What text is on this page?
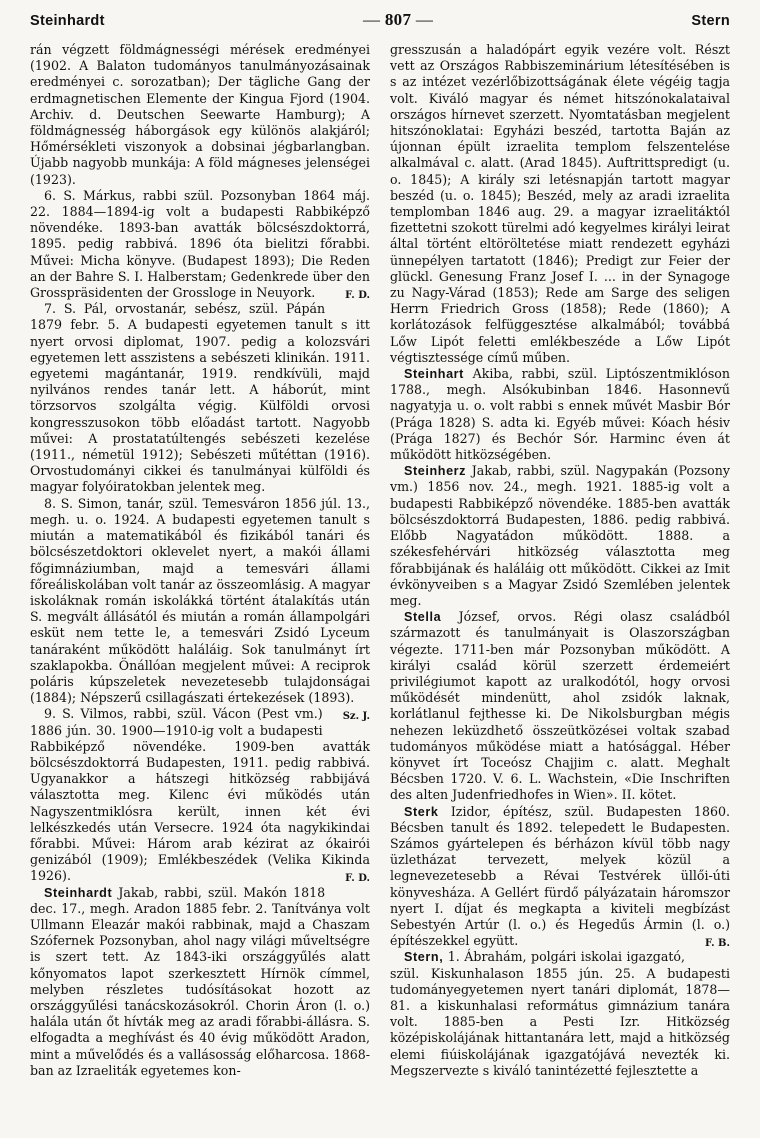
Steinhardt
—	807 —	Stern

rán végzett földmágnességi mérések eredményei (1902. A Balaton tudományos tanulmányozásainak eredményei c. sorozatban); Der tägliche Gang der erdmagnetischen Elemente der Kingua Fjord (1904. Archiv. d. Deutschen Seewarte Hamburg); A földmágnesség háborgások egy különös alakjáról; Hőmérsékleti viszonyok a dobsinai jégbarlangban. Újabb nagyobb munkája: A föld mágneses jelenségei (1923).

6. S. Márkus, rabbi szül. Pozsonyban 1864 máj. 22. 1884—1894-ig volt a budapesti Rabbiképző növendéke. 1893-ban avatták bölcsészdoktorrá, 1895. pedig rabbivá. 1896 óta bielitzi főrabbi. Művei: Micha könyve. (Budapest 1893); Die Reden an der Bahre S. I. Halberstam; Gedenkrede über den Grosspräsidenten der Grossloge in Neuyork.	F. D.

7. S. Pál, orvostanár, sebész, szül. Pápán 1879 febr. 5. A budapesti egyetemen tanult s itt nyert orvosi diplomat, 1907. pedig a kolozsvári egyetemen lett asszistens a sebészeti klinikán. 1911. egyetemi magántanár, 1919. rendkívüli, majd nyilvános rendes tanár lett. A háborút, mint törzsorvos szolgálta végig. Külföldi orvosi kongresszusokon több előadást tartott. Nagyobb művei: A prostatatúltengés sebészeti kezelése (1911., németül 1912); Sebészeti műtéttan (1916). Orvostudományi cikkei és tanulmányai külföldi és magyar folyóiratokban jelentek meg.

8. S. Simon, tanár, szül. Temesváron 1856 júl. 13., megh. u. o. 1924. A budapesti egyetemen tanult s miután a matematikából és fizikából tanári és bölcsészetdoktori oklevelet nyert, a makói állami főgimnáziumban, majd a temesvári állami főreáliskolában volt tanár az összeomlásig. A magyar iskoláknak román iskolákká történt átalakítás után S. megvált állásától és miután a román állampolgári esküt nem tette le, a temesvári Zsidó Lyceum tanáraként működött haláláig. Sok tanulmányt írt szaklapokba. Önállóan megjelent művei: A reciprok poláris kúpszeletek nevezetesebb tulajdonságai (1884); Népszerű csillagászati értekezések (1893).
Sz. J.

9. S. Vilmos, rabbi, szül. Vácon (Pest vm.) 1886 jún. 30. 1900—1910-ig volt a budapesti Rabbiképző növendéke. 1909-ben avatták bölcsészdoktorrá Budapesten, 1911. pedig rabbivá. Ugyanakkor a hátszegi hitközség rabbijává választotta meg. Kilenc évi működés után Nagyszentmiklósra került, innen két évi lelkészkedés után Versecre. 1924 óta nagykikindai főrabbi. Művei: Három arab kézirat az ókairói genizából (1909); Emlékbeszédek (Velika Kikinda 1926).	F. D.

Steinhardt Jakab, rabbi, szül. Makón 1818 dec. 17., megh. Aradon 1885 febr. 2. Tanítványa volt Ullmann Eleazár makói rabbinak, majd a Chaszam Szófernek Pozsonyban, ahol nagy világi műveltségre is szert tett. Az 1843-iki országgyűlés alatt kőnyomatos lapot szerkesztett Hírnök címmel, melyben részletes tudósításokat hozott az országgyűlési tanácskozásokról. Chorin Áron (l. o.) halála után őt hívták meg az aradi főrabbi-állásra. S. elfogadta a meghívást és 40 évig működött Aradon, mint a művelődés és a vallásosság előharcosa. 1868-ban az Izraeliták egyetemes kon-

gresszusán a haladópárt egyik vezére volt. Részt vett az Országos Rabbiszeminárium létesítésében is s az intézet vezérlőbizottságának élete végéig tagja volt. Kiváló magyar és német hitszónokalataival országos hírnevet szerzett. Nyomtatásban megjelent hitszónoklatai: Egyházi beszéd, tartotta Baján az újonnan épült izraelita templom felszentelése alkalmával c. alatt. (Arad 1845). Auftrittspredigt (u. o. 1845); A király szi letésnapján tartott magyar beszéd (u. o. 1845); Beszéd, mely az aradi izraelita templomban 1846 aug. 29. a magyar izraelitáktól fizettetni szokott türelmi adó kegyelmes királyi leirat által történt eltöröltetése miatt rendezett egyházi ünnepélyen tartatott (1846); Predigt zur Feier der glückl. Genesung Franz Josef I. ... in der Synagoge zu Nagy-Várad (1853); Rede am Sarge des seligen Herrn Friedrich Gross (1858); Rede (1860); A korlátozások felfüggesztése alkalmából; továbbá Lőw Lipót feletti emlékbeszéde a Lőw Lipót végtisztessége című műben.

Steinhart Akiba, rabbi, szül. Liptószentmiklóson 1788., megh. Alsókubinban 1846. Hasonnevű nagyatyja u. o. volt rabbi s ennek művét Masbir Bór (Prága 1828) S. adta ki. Egyéb művei: Kóach hésiv (Prága 1827) és Bechór Sór. Harminc éven át működött hitközségében.

Steinherz Jakab, rabbi, szül. Nagypakán (Pozsony vm.) 1856 nov. 24., megh. 1921. 1885-ig volt a budapesti Rabbiképző növendéke. 1885-ben avatták bölcsészdoktorrá Budapesten, 1886. pedig rabbivá. Előbb Nagyatádon működött. 1888. a székesfehérvári hitközség választotta meg főrabbijának és haláláig ott működött. Cikkei az Imit évkönyveiben s a Magyar Zsidó Szemlében jelentek meg.

Stella József, orvos. Régi olasz családból származott és tanulmányait is Olaszországban végezte. 1711-ben már Pozsonyban működött. A királyi család körül szerzett érdemeiért privilégiumot kapott az uralkodótól, hogy orvosi működését mindenütt, ahol zsidók laknak, korlátlanul fejthesse ki. De Nikolsburgban mégis nehezen leküzdhető összeütközései voltak szabad tudományos működése miatt a hatósággal. Héber könyvet írt Toceósz Chajjim c. alatt. Meghalt Bécsben 1720. V. 6. L. Wachstein, «Die Inschriften des alten Judenfriedhofes in Wien». II. kötet.

Sterk Izidor, építész, szül. Budapesten 1860. Bécsben tanult és 1892. telepedett le Budapesten. Számos gyártelepen és bérházon kívül több nagy üzletházat tervezett, melyek közül a legnevezetesebb a Révai Testvérek üllői-úti könyvesháza. A Gellért fürdő pályázatain háromszor nyert I. díjat és megkapta a kiviteli megbízást Sebestyén Artúr (l. o.) és Hegedűs Ármin (l. o.) építészekkel együtt.	F. B.

Stern, 1. Ábrahám, polgári iskolai igazgató, szül. Kiskunhalason 1855 jún. 25. A budapesti tudományegyetemen nyert tanári diplomát, 1878—81. a kiskunhalasi református gimnázium tanára volt. 1885-ben a Pesti Izr. Hitközség középiskolájának hittantanára lett, majd a hitközség elemi fiúiskolájának igazgatójává nevezték ki. Megszervezte s kiváló tanintézetté fejlesztette a
